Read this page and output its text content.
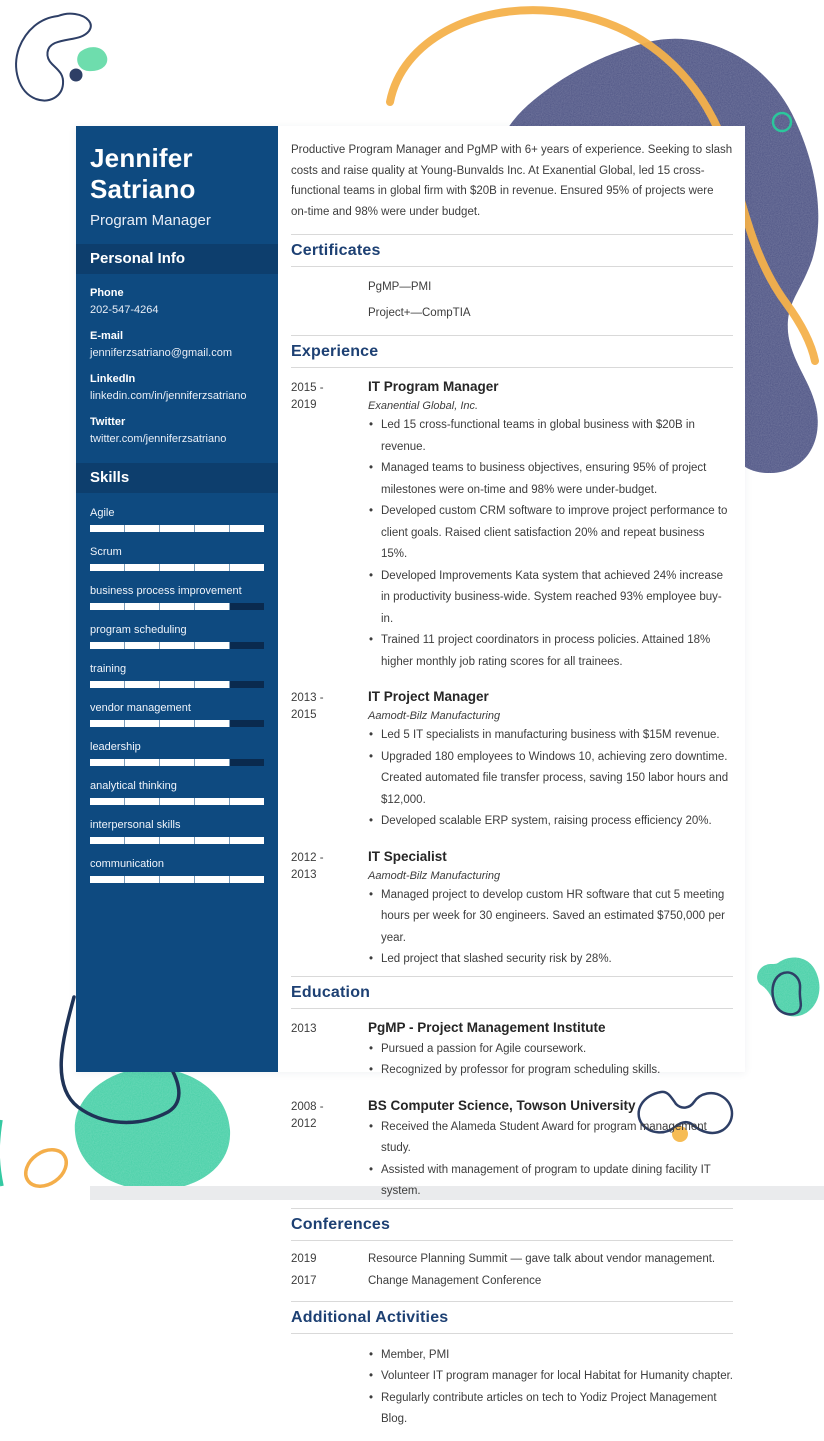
Jennifer
Satriano
Program Manager
Personal Info
Phone
202-547-4264
E-mail
jenniferzsatriano@gmail.com
LinkedIn
linkedin.com/in/jenniferzsatriano
Twitter
twitter.com/jenniferzsatriano
Skills
Agile
Scrum
business process improvement
program scheduling
training
vendor management
leadership
analytical thinking
interpersonal skills
communication

Productive Program Manager and PgMP with 6+ years of experience. Seeking to slash costs and raise quality at Young-Bunvalds Inc. At Exanential Global, led 15 cross-functional teams in global firm with $20B in revenue. Ensured 95% of projects were on-time and 98% were under budget.

Certificates
PgMP—PMI
Project+—CompTIA
Experience
2015 -
2019
IT Program Manager
Exanential Global, Inc.
• Led 15 cross-functional teams in global business with $20B in revenue.
• Managed teams to business objectives, ensuring 95% of project milestones were on-time and 98% were under-budget.
• Developed custom CRM software to improve project performance to client goals. Raised client satisfaction 20% and repeat business 15%.
• Developed Improvements Kata system that achieved 24% increase in productivity business-wide. System reached 93% employee buy-in.
• Trained 11 project coordinators in process policies. Attained 18% higher monthly job rating scores for all trainees.
2013 -
2015
IT Project Manager
Aamodt-Bilz Manufacturing
• Led 5 IT specialists in manufacturing business with $15M revenue.
• Upgraded 180 employees to Windows 10, achieving zero downtime. Created automated file transfer process, saving 150 labor hours and $12,000.
• Developed scalable ERP system, raising process efficiency 20%.
2012 -
2013
IT Specialist
Aamodt-Bilz Manufacturing
• Managed project to develop custom HR software that cut 5 meeting hours per week for 30 engineers. Saved an estimated $750,000 per year.
• Led project that slashed security risk by 28%.
Education
2013	PgMP - Project Management Institute
• Pursued a passion for Agile coursework.
• Recognized by professor for program scheduling skills.
2008 -
2012
BS Computer Science, Towson University
• Received the Alameda Student Award for program management study.
• Assisted with management of program to update dining facility IT system.
Conferences
2019	Resource Planning Summit — gave talk about vendor management.
2017	Change Management Conference
Additional Activities
• Member, PMI
• Volunteer IT program manager for local Habitat for Humanity chapter.
• Regularly contribute articles on tech to Yodiz Project Management Blog.
